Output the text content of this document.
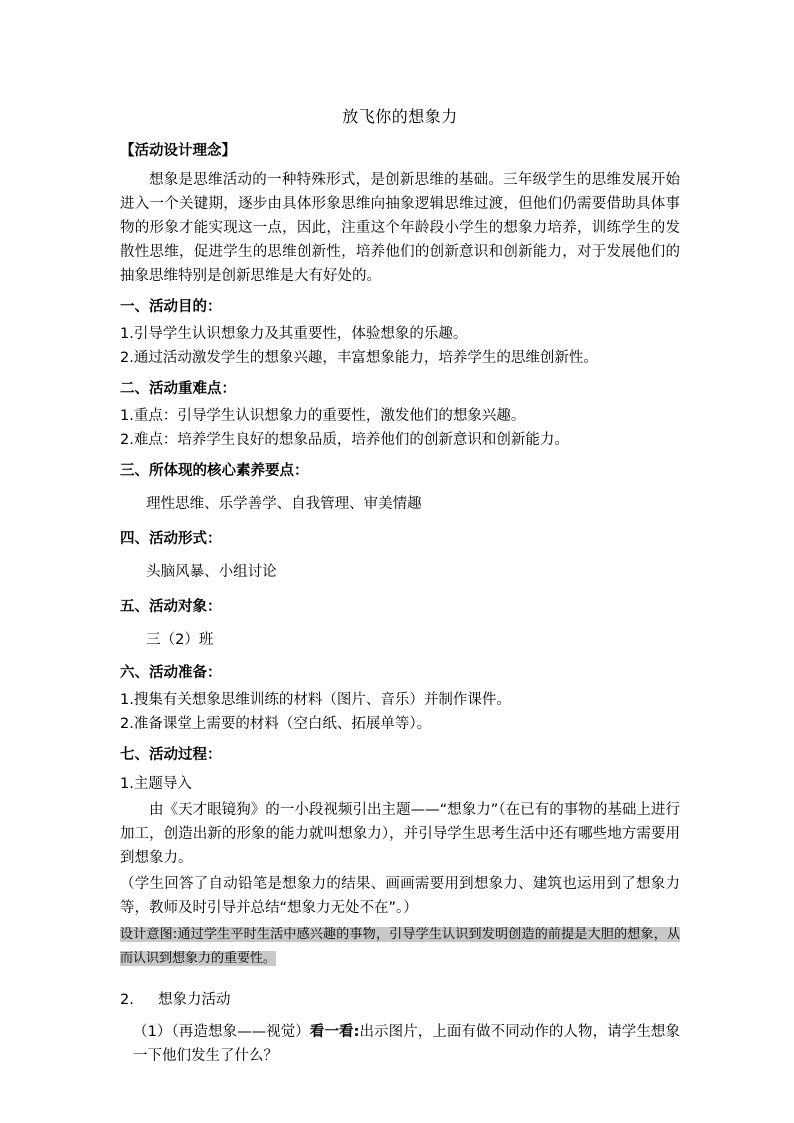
放飞你的想象力

【活动设计理念】

想象是思维活动的一种特殊形式，是创新思维的基础。三年级学生的思维发展开始进入一个关键期，逐步由具体形象思维向抽象逻辑思维过渡，但他们仍需要借助具体事物的形象才能实现这一点，因此，注重这个年龄段小学生的想象力培养，训练学生的发散性思维，促进学生的思维创新性，培养他们的创新意识和创新能力，对于发展他们的抽象思维特别是创新思维是大有好处的。

一、活动目的：

1.引导学生认识想象力及其重要性，体验想象的乐趣。

2.通过活动激发学生的想象兴趣，丰富想象能力，培养学生的思维创新性。

二、活动重难点：

1.重点：引导学生认识想象力的重要性，激发他们的想象兴趣。

2.难点：培养学生良好的想象品质，培养他们的创新意识和创新能力。

三、所体现的核心素养要点：

理性思维、乐学善学、自我管理、审美情趣

四、活动形式：

头脑风暴、小组讨论

五、活动对象：

三（2）班

六、活动准备：

1.搜集有关想象思维训练的材料（图片、音乐）并制作课件。

2.准备课堂上需要的材料（空白纸、拓展单等）。

七、活动过程：

1.主题导入

由《天才眼镜狗》的一小段视频引出主题——“想象力”（在已有的事物的基础上进行加工，创造出新的形象的能力就叫想象力），并引导学生思考生活中还有哪些地方需要用到想象力。

（学生回答了自动铅笔是想象力的结果、画画需要用到想象力、建筑也运用到了想象力等，教师及时引导并总结“想象力无处不在”。）

设计意图:通过学生平时生活中感兴趣的事物，引导学生认识到发明创造的前提是大胆的想象，从而认识到想象力的重要性。

2. 想象力活动

（1）（再造想象——视觉）看一看:出示图片，上面有做不同动作的人物，请学生想象一下他们发生了什么？
